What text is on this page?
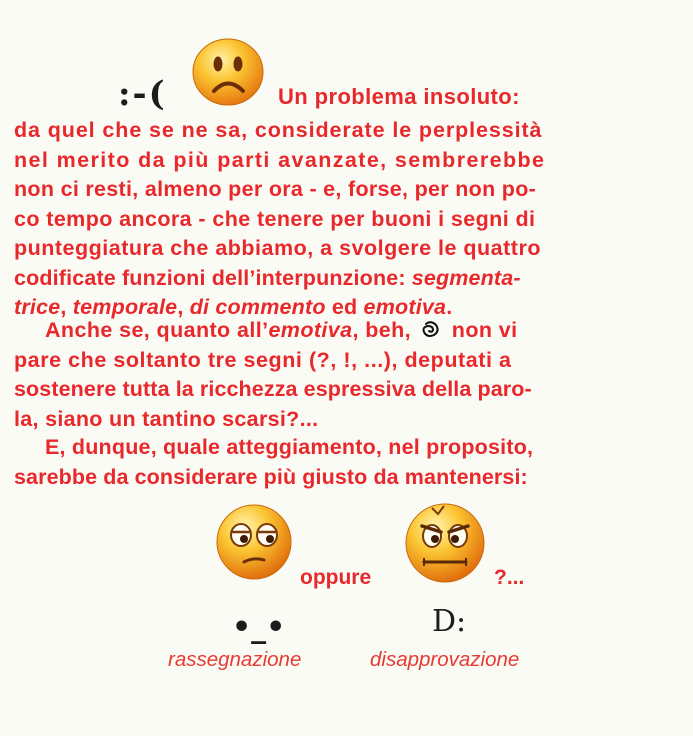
:-(	Un problema insoluto:
da quel che se ne sa, considerate le perplessità
nel merito da più parti avanzate, sembrerebbe
non ci resti, almeno per ora - e, forse, per non po-
co tempo ancora - che tenere per buoni i segni di
punteggiatura che abbiamo, a svolgere le quattro
codificate funzioni dell’interpunzione: segmenta-
trice, temporale, di commento ed emotiva.
Anche se, quanto all’emotiva, beh,  non vi
pare che soltanto tre segni (?, !, ...), deputati a
sostenere tutta la ricchezza espressiva della paro-
la, siano un tantino scarsi?...
E, dunque, quale atteggiamento, nel proposito,
sarebbe da considerare più giusto da mantenersi:
oppure	?...
•_•	D:
rassegnazione	disapprovazione
